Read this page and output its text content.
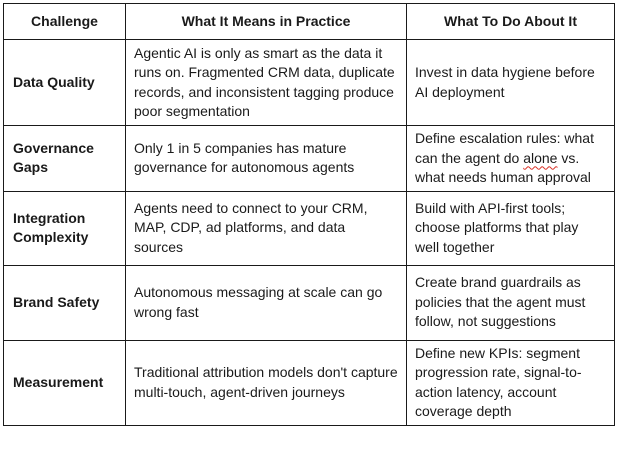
Challenge	What It Means in Practice	What To Do About It
Data Quality	Agentic AI is only as smart as the data it runs on. Fragmented CRM data, duplicate records, and inconsistent tagging produce poor segmentation	Invest in data hygiene before AI deployment
Governance Gaps	Only 1 in 5 companies has mature governance for autonomous agents	Define escalation rules: what can the agent do alone vs. what needs human approval
Integration Complexity	Agents need to connect to your CRM, MAP, CDP, ad platforms, and data sources	Build with API-first tools; choose platforms that play well together
Brand Safety	Autonomous messaging at scale can go wrong fast	Create brand guardrails as policies that the agent must follow, not suggestions
Measurement	Traditional attribution models don't capture multi-touch, agent-driven journeys	Define new KPIs: segment progression rate, signal-to-action latency, account coverage depth
